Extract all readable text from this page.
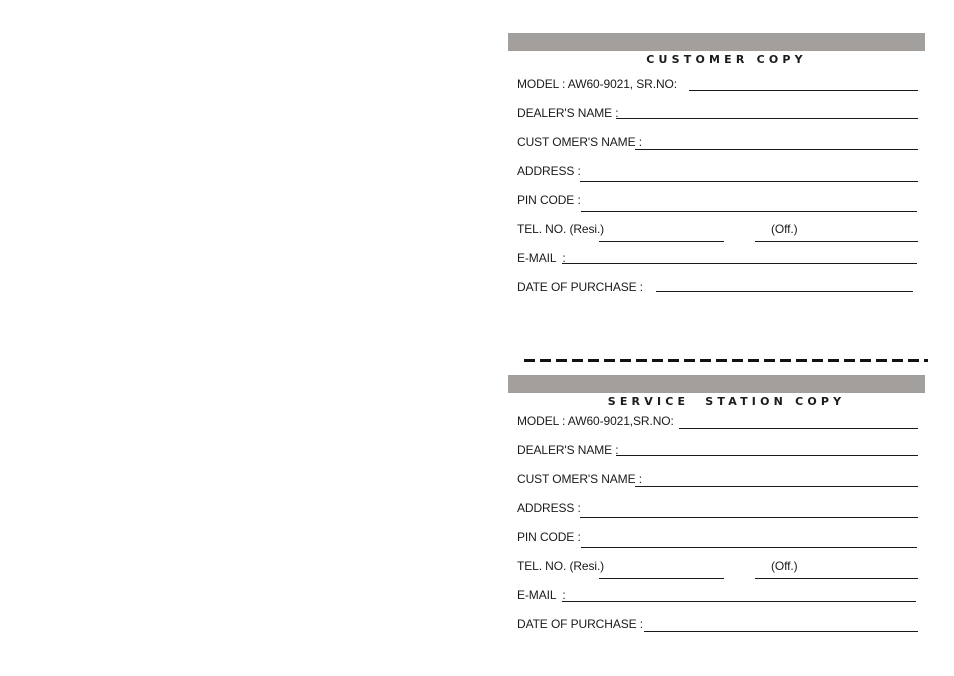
CUSTOMER COPY

MODEL : AW60-9021, SR.NO:
DEALER'S NAME :
CUST OMER'S NAME :
ADDRESS :
PIN CODE :
TEL. NO. (Resi.)	(Off.)
E-MAIL  :
DATE OF PURCHASE :

SERVICE  STATION COPY

MODEL : AW60-9021,SR.NO:
DEALER'S NAME :
CUST OMER'S NAME :
ADDRESS :
PIN CODE :
TEL. NO. (Resi.)	(Off.)
E-MAIL  :
DATE OF PURCHASE :
